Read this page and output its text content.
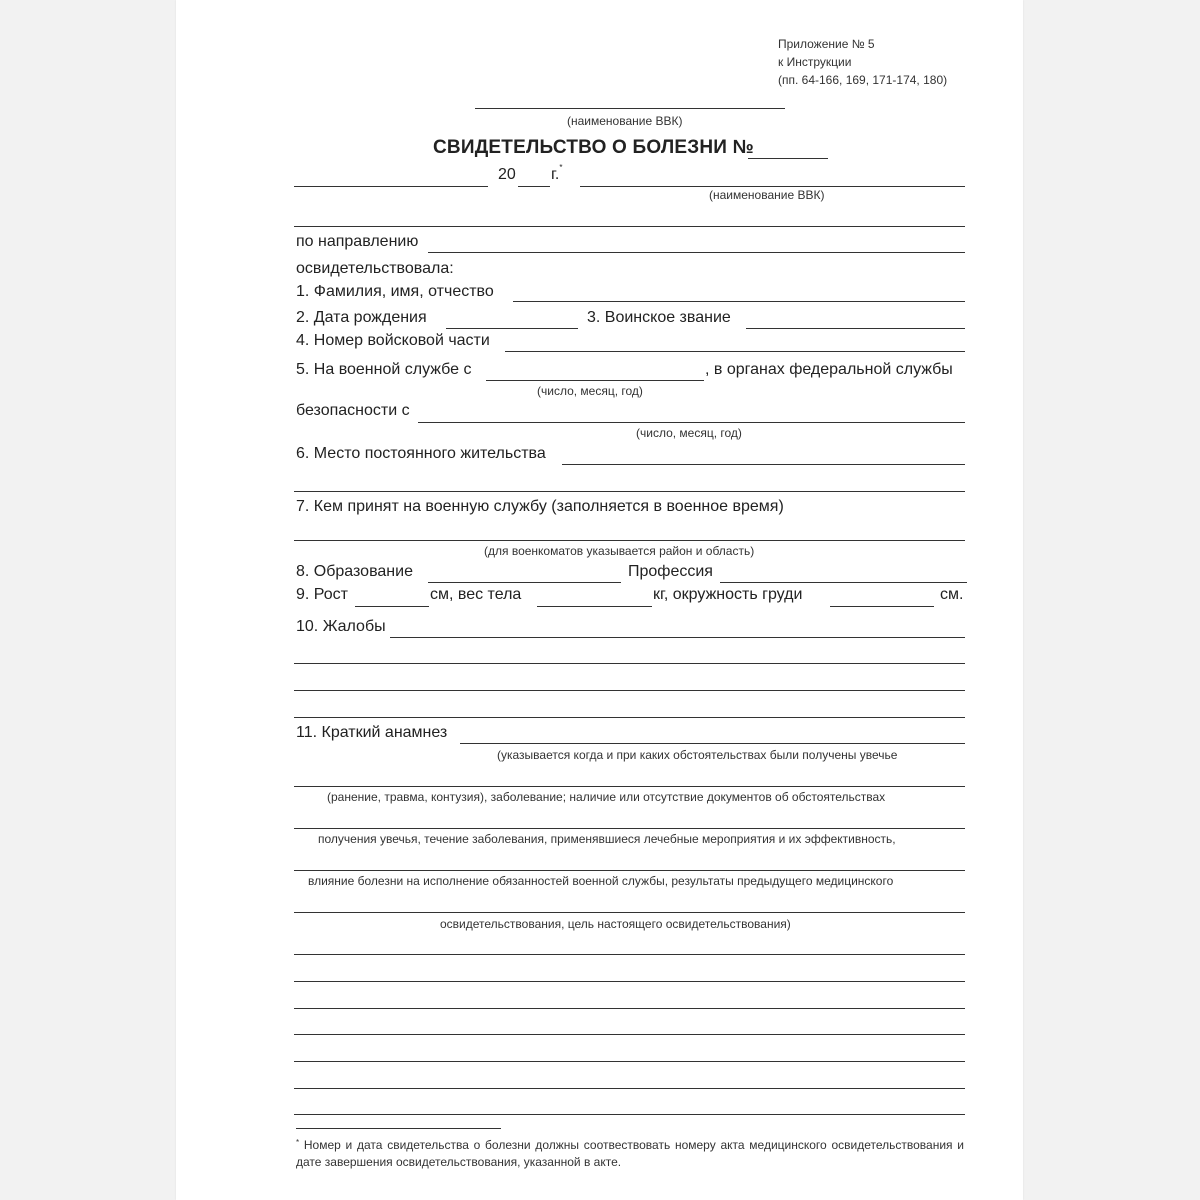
Приложение № 5
к Инструкции
(пп. 64-166, 169, 171-174, 180)
(наименование ВВК)
СВИДЕТЕЛЬСТВО О БОЛЕЗНИ №
20 г.*
(наименование ВВК)
по направлению
освидетельствовала:
1. Фамилия, имя, отчество
2. Дата рождения	3. Воинское звание
4. Номер войсковой части
5. На военной службе с	, в органах федеральной службы
(число, месяц, год)
безопасности с
(число, месяц, год)
6. Место постоянного жительства
7. Кем принят на военную службу (заполняется в военное время)
(для военкоматов указывается район и область)
8. Образование	Профессия
9. Рост	см, вес тела	кг, окружность груди	см.
10. Жалобы
11. Краткий анамнез
(указывается когда и при каких обстоятельствах были получены увечье
(ранение, травма, контузия), заболевание; наличие или отсутствие документов об обстоятельствах
получения увечья, течение заболевания, применявшиеся лечебные мероприятия и их эффективность,
влияние болезни на исполнение обязанностей военной службы, результаты предыдущего медицинского
освидетельствования, цель настоящего освидетельствования)
* Номер и дата свидетельства о болезни должны соотвествовать номеру акта медицинского освидетельствования и дате завершения освидетельствования, указанной в акте.
